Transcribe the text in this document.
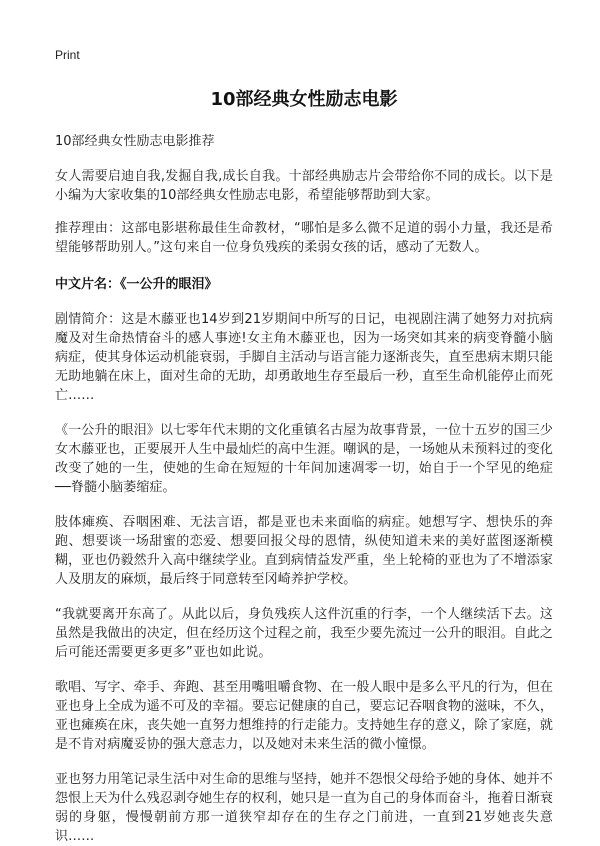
Print
10部经典女性励志电影
10部经典女性励志电影推荐

女人需要启迪自我,发掘自我,成长自我。十部经典励志片会带给你不同的成长。以下是小编为大家收集的10部经典女性励志电影，希望能够帮助到大家。

推荐理由：这部电影堪称最佳生命教材，“哪怕是多么微不足道的弱小力量，我还是希望能够帮助别人。”这句来自一位身负残疾的柔弱女孩的话，感动了无数人。

中文片名：《一公升的眼泪》

剧情简介：这是木藤亚也14岁到21岁期间中所写的日记，电视剧注满了她努力对抗病魔及对生命热情奋斗的感人事迹!女主角木藤亚也，因为一场突如其来的病变脊髓小脑病症，使其身体运动机能衰弱，手脚自主活动与语言能力逐渐丧失，直至患病末期只能无助地躺在床上，面对生命的无助，却勇敢地生存至最后一秒，直至生命机能停止而死亡……

《一公升的眼泪》以七零年代末期的文化重镇名古屋为故事背景，一位十五岁的国三少女木藤亚也，正要展开人生中最灿烂的高中生涯。嘲讽的是，一场她从未预料过的变化改变了她的一生，使她的生命在短短的十年间加速凋零一切，始自于一个罕见的绝症──脊髓小脑萎缩症。

肢体瘫痪、吞咽困难、无法言语，都是亚也未来面临的病症。她想写字、想快乐的奔跑、想要谈一场甜蜜的恋爱、想要回报父母的恩情，纵使知道未来的美好蓝图逐渐模糊，亚也仍毅然升入高中继续学业。直到病情益发严重，坐上轮椅的亚也为了不增添家人及朋友的麻烦，最后终于同意转至冈崎养护学校。

“我就要离开东高了。从此以后，身负残疾人这件沉重的行李，一个人继续活下去。这虽然是我做出的决定，但在经历这个过程之前，我至少要先流过一公升的眼泪。自此之后可能还需要更多更多”亚也如此说。

歌唱、写字、牵手、奔跑、甚至用嘴咀嚼食物、在一般人眼中是多么平凡的行为，但在亚也身上全成为遥不可及的幸福。要忘记健康的自己，要忘记吞咽食物的滋味，不久，亚也瘫痪在床，丧失她一直努力想维持的行走能力。支持她生存的意义，除了家庭，就是不肯对病魔妥协的强大意志力，以及她对未来生活的微小憧憬。

亚也努力用笔记录生活中对生命的思维与坚持，她并不怨恨父母给予她的身体、她并不怨恨上天为什么残忍剥夺她生存的权利，她只是一直为自己的身体而奋斗，拖着日渐衰弱的身躯，慢慢朝前方那一道狭窄却存在的生存之门前进，一直到21岁她丧失意识……
